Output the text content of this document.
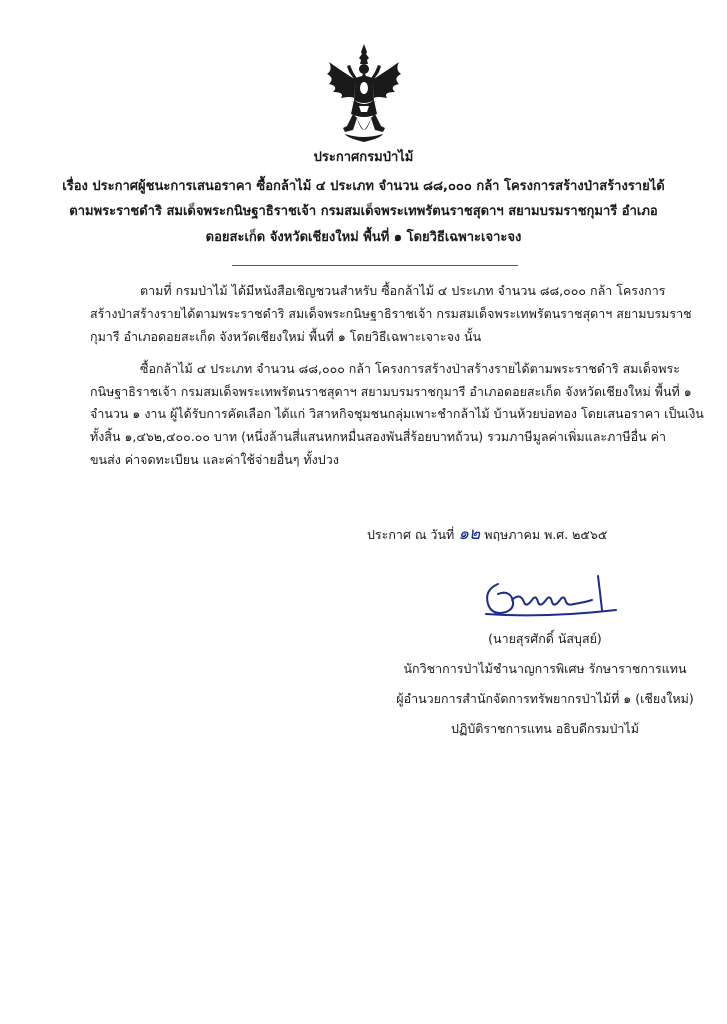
ประกาศกรมป่าไม้
เรื่อง ประกาศผู้ชนะการเสนอราคา ซื้อกล้าไม้ ๔ ประเภท จำนวน ๘๘,๐๐๐ กล้า โครงการสร้างป่าสร้างรายได้
ตามพระราชดำริ สมเด็จพระกนิษฐาธิราชเจ้า กรมสมเด็จพระเทพรัตนราชสุดาฯ สยามบรมราชกุมารี อำเภอ
ดอยสะเก็ด จังหวัดเชียงใหม่ พื้นที่ ๑ โดยวิธีเฉพาะเจาะจง
ตามที่ กรมป่าไม้ ได้มีหนังสือเชิญชวนสำหรับ ซื้อกล้าไม้ ๔ ประเภท จำนวน ๘๘,๐๐๐ กล้า โครงการ
สร้างป่าสร้างรายได้ตามพระราชดำริ สมเด็จพระกนิษฐาธิราชเจ้า กรมสมเด็จพระเทพรัตนราชสุดาฯ สยามบรมราช
กุมารี อำเภอดอยสะเก็ด จังหวัดเชียงใหม่ พื้นที่ ๑ โดยวิธีเฉพาะเจาะจง นั้น
ซื้อกล้าไม้ ๔ ประเภท จำนวน ๘๘,๐๐๐ กล้า โครงการสร้างป่าสร้างรายได้ตามพระราชดำริ สมเด็จพระ
กนิษฐาธิราชเจ้า กรมสมเด็จพระเทพรัตนราชสุดาฯ สยามบรมราชกุมารี อำเภอดอยสะเก็ด จังหวัดเชียงใหม่ พื้นที่ ๑
จำนวน ๑ งาน ผู้ได้รับการคัดเลือก ได้แก่ วิสาหกิจชุมชนกลุ่มเพาะชำกล้าไม้ บ้านห้วยบ่อทอง โดยเสนอราคา เป็นเงิน
ทั้งสิ้น ๑,๔๖๒,๔๐๐.๐๐ บาท (หนึ่งล้านสี่แสนหกหมื่นสองพันสี่ร้อยบาทถ้วน) รวมภาษีมูลค่าเพิ่มและภาษีอื่น ค่า
ขนส่ง ค่าจดทะเบียน และค่าใช้จ่ายอื่นๆ ทั้งปวง
ประกาศ ณ วันที่ ๑๒ พฤษภาคม พ.ศ. ๒๕๖๕
(นายสุรศักดิ์ นัสบุสย์)
นักวิชาการป่าไม้ชำนาญการพิเศษ รักษาราชการแทน
ผู้อำนวยการสำนักจัดการทรัพยากรป่าไม้ที่ ๑ (เชียงใหม่)
ปฏิบัติราชการแทน อธิบดีกรมป่าไม้
